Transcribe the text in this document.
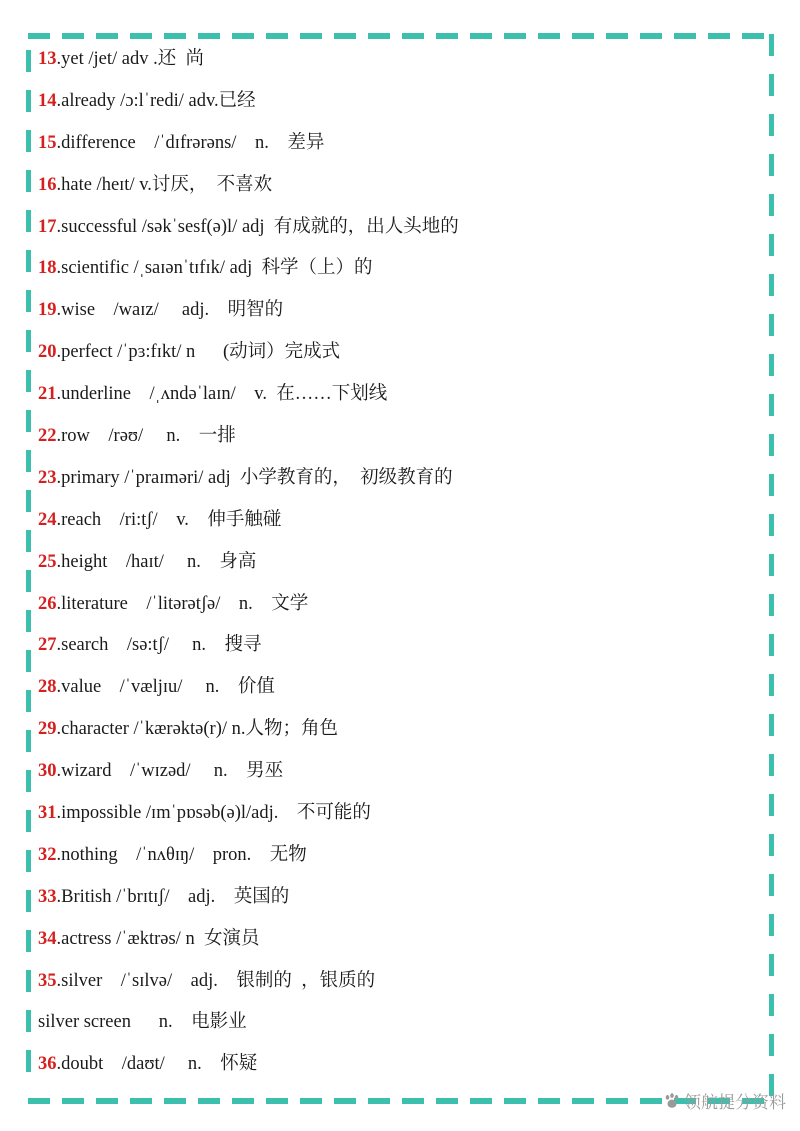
13.yet /jet/ adv .还  尚
14.already /ɔ:lˈredi/ adv.已经
15.difference    /ˈdɪfrərəns/    n.    差异
16.hate /heɪt/ v.讨厌，  不喜欢
17.successful /səkˈsesf(ə)l/ adj  有成就的，出人头地的
18.scientific /ˌsaɪənˈtɪfɪk/ adj  科学（上）的
19.wise    /waɪz/     adj.    明智的
20.perfect /ˈpɜ:fɪkt/ n      (动词）完成式
21.underline    /ˌʌndəˈlaɪn/    v.  在……下划线
22.row    /rəʊ/     n.    一排
23.primary /ˈpraɪməri/ adj  小学教育的，  初级教育的
24.reach    /ri:tʃ/    v.    伸手触碰
25.height    /haɪt/     n.    身高
26.literature    /ˈlitərətʃə/    n.    文学
27.search    /sə:tʃ/     n.    搜寻
28.value    /ˈvæljɪu/     n.    价值
29.character /ˈkærəktə(r)/ n.人物；角色
30.wizard    /ˈwɪzəd/     n.    男巫
31.impossible /ɪmˈpɒsəb(ə)l/adj.    不可能的
32.nothing    /ˈnʌθɪŋ/    pron.    无物
33.British /ˈbrɪtɪʃ/    adj.    英国的
34.actress /ˈæktrəs/ n  女演员
35.silver    /ˈsɪlvə/    adj.    银制的  ，银质的
silver screen      n.    电影业
36.doubt    /daʊt/     n.    怀疑
领航提分资料
